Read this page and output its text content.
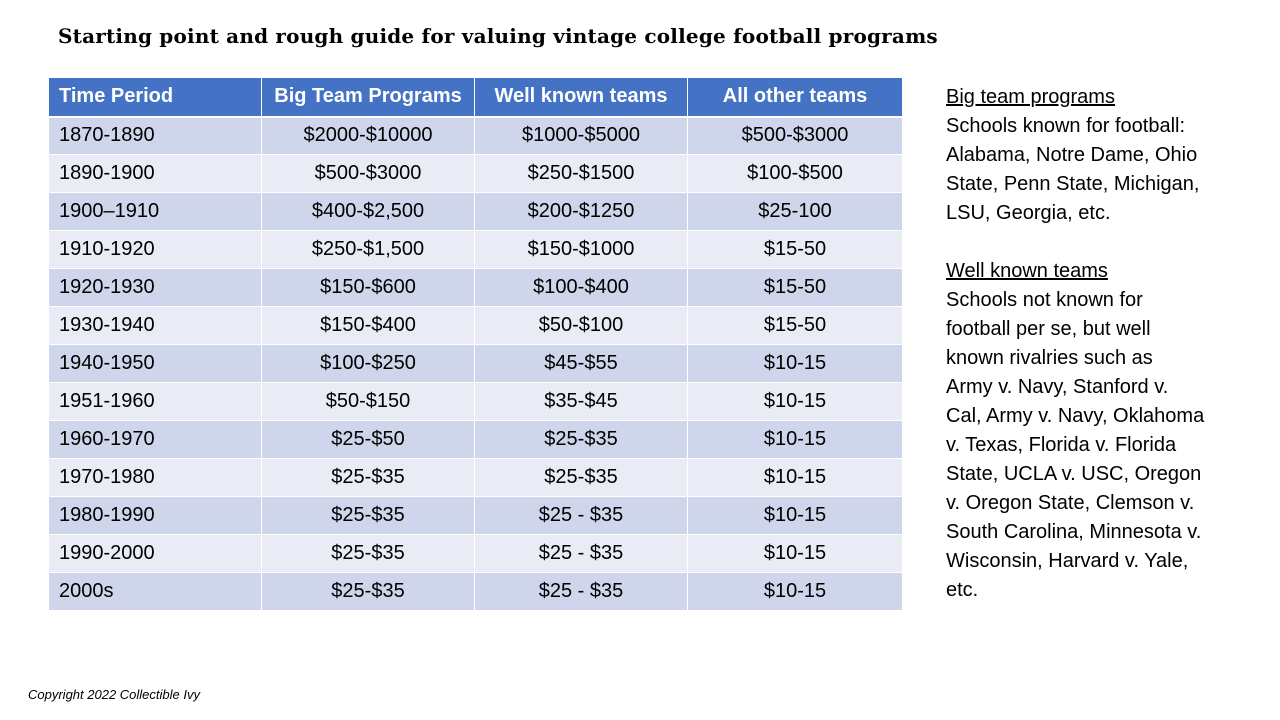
Starting point and rough guide for valuing vintage college football programs
Time Period	Big Team Programs	Well known teams	All other teams
1870-1890	$2000-$10000	$1000-$5000	$500-$3000
1890-1900	$500-$3000	$250-$1500	$100-$500
1900–1910	$400-$2,500	$200-$1250	$25-100
1910-1920	$250-$1,500	$150-$1000	$15-50
1920-1930	$150-$600	$100-$400	$15-50
1930-1940	$150-$400	$50-$100	$15-50
1940-1950	$100-$250	$45-$55	$10-15
1951-1960	$50-$150	$35-$45	$10-15
1960-1970	$25-$50	$25-$35	$10-15
1970-1980	$25-$35	$25-$35	$10-15
1980-1990	$25-$35	$25 - $35	$10-15
1990-2000	$25-$35	$25 - $35	$10-15
2000s	$25-$35	$25 - $35	$10-15
Big team programs
Schools known for football:
Alabama, Notre Dame, Ohio
State, Penn State, Michigan,
LSU, Georgia, etc.
Well known teams
Schools not known for
football per se, but well
known rivalries such as
Army v. Navy, Stanford v.
Cal, Army v. Navy, Oklahoma
v. Texas, Florida v. Florida
State, UCLA v. USC, Oregon
v. Oregon State, Clemson v.
South Carolina, Minnesota v.
Wisconsin, Harvard v. Yale,
etc.
Copyright 2022 Collectible Ivy
